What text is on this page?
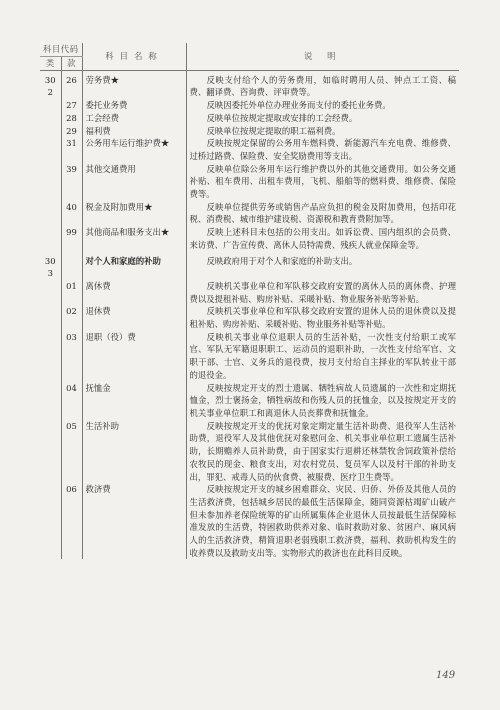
科目代码		科目名称	说 明
类	款		
302	26	劳务费★	反映支付给个人的劳务费用，如临时聘用人员、钟点工工资、稿费、翻译费、咨询费、评审费等。

	27	委托业务费	反映因委托外单位办理业务而支付的委托业务费。

	28	工会经费	反映单位按规定提取或安排的工会经费。

	29	福利费	反映单位按规定提取的职工福利费。

	31	公务用车运行维护费★	反映按规定保留的公务用车燃料费、新能源汽车充电费、维修费、过桥过路费、保险费、安全奖励费用等支出。

	39	其他交通费用	反映单位除公务用车运行维护费以外的其他交通费用。如公务交通补贴、租车费用、出租车费用，飞机、船舶等的燃料费、维修费、保险费等。

	40	税金及附加费用★	反映单位提供劳务或销售产品应负担的税金及附加费用，包括印花税、消费税、城市维护建设税、资源税和教育费附加等。

	99	其他商品和服务支出★	反映上述科目未包括的公用支出。如诉讼费、国内组织的会员费、来访费、广告宣传费、离休人员特需费、残疾人就业保障金等。

303		对个人和家庭的补助	反映政府用于对个人和家庭的补助支出。

	01	离休费	反映机关事业单位和军队移交政府安置的离休人员的离休费、护理费以及提租补贴、购房补贴、采暖补贴、物业服务补贴等补贴。

	02	退休费	反映机关事业单位和军队移交政府安置的退休人员的退休费以及提租补贴、购房补贴、采暖补贴、物业服务补贴等补贴。

	03	退职（役）费	反映机关事业单位退职人员的生活补贴，一次性支付给职工或军官、军队无军籍退职职工、运动员的退职补助，一次性支付给军官、文职干部、士官、义务兵的退役费，按月支付给自主择业的军队转业干部的退役金。

	04	抚恤金	反映按规定开支的烈士遗属、牺牲病故人员遗属的一次性和定期抚恤金，烈士褒扬金，牺牲病故和伤残人员的抚恤金，以及按规定开支的机关事业单位职工和离退休人员丧葬费和抚恤金。

	05	生活补助	反映按规定开支的优抚对象定期定量生活补助费、退役军人生活补助费，退役军人及其他优抚对象慰问金、机关事业单位职工遗属生活补助，长期赡养人员补助费，由于国家实行退耕还林禁牧舍饲政策补偿给农牧民的现金、粮食支出，对农村党员、复员军人以及村干部的补助支出，罪犯、戒毒人员的伙食费、被服费、医疗卫生费等。

	06	救济费	反映按规定开支的城乡困难群众、灾民、归侨、外侨及其他人员的生活救济费，包括城乡居民的最低生活保障金，随同资源枯竭矿山破产但未参加养老保险统筹的矿山所属集体企业退休人员按最低生活保障标准发放的生活费，特困救助供养对象、临时救助对象、贫困户、麻风病人的生活救济费，精简退职老弱残职工救济费，福利、救助机构发生的收养费以及救助支出等。实物形式的救济也在此科目反映。
149
